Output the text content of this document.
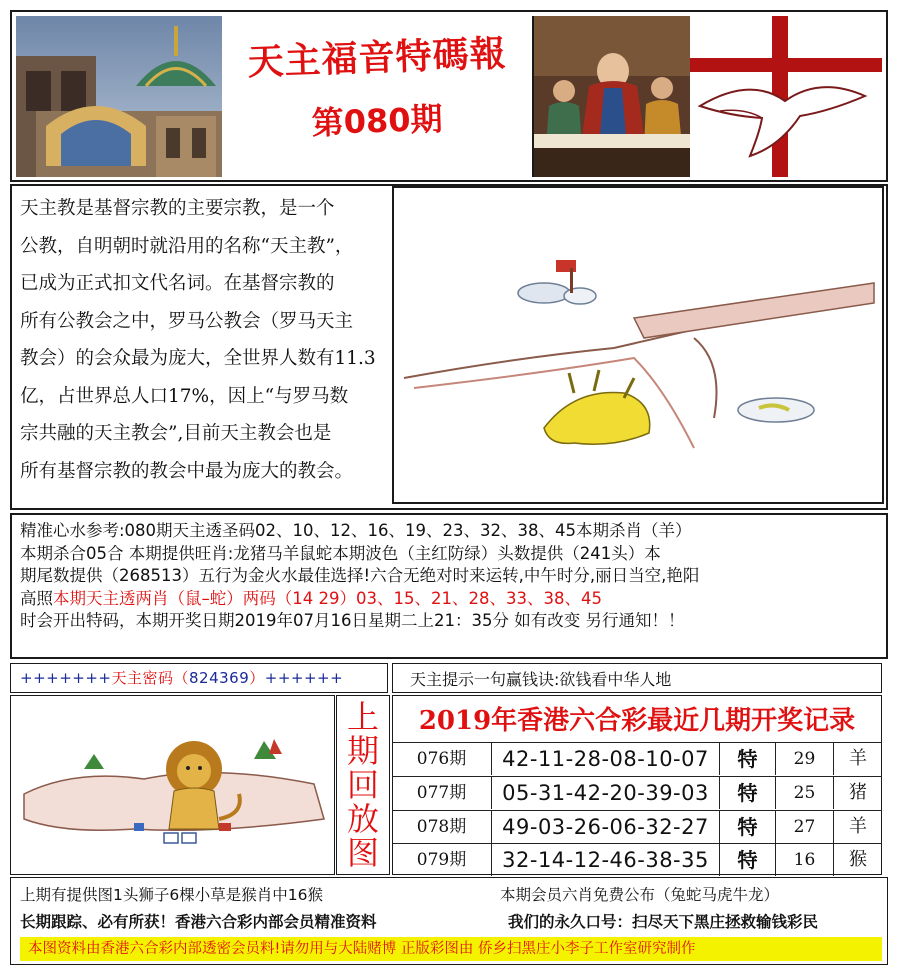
天主福音特碼報
第080期

天主教是基督宗教的主要宗教，是一个

公教，自明朝时就沿用的名称“天主教”，

已成为正式扣文代名词。在基督宗教的

所有公教会之中，罗马公教会（罗马天主

教会）的会众最为庞大，全世界人数有11.3

亿，占世界总人口17%，因上“与罗马数

宗共融的天主教会”,目前天主教会也是

所有基督宗教的教会中最为庞大的教会。

精准心水参考:080期天主透圣码02、10、12、16、19、23、32、38、45本期杀肖（羊）

本期杀合05合 本期提供旺肖:龙猪马羊鼠蛇本期波色（主红防绿）头数提供（241头）本

期尾数提供（268513）五行为金火水最佳选择!六合无绝对时来运转,中午时分,丽日当空,艳阳

高照本期天主透两肖（鼠–蛇）两码（14 29）03、15、21、28、33、38、45

时会开出特码，本期开奖日期2019年07月16日星期二上21：35分 如有改变 另行通知！！

+++++++天主密码（824369）++++++	天主提示一句赢钱诀:欲钱看中华人地
上
期
回
放
图
2019年香港六合彩最近几期开奖记录
076期	42-11-28-08-10-07	特	29	羊
077期	05-31-42-20-39-03	特	25	猪
078期	49-03-26-06-32-27	特	27	羊
079期	32-14-12-46-38-35	特	16	猴

上期有提供图1头狮子6棵小草是猴肖中16猴	本期会员六肖免费公布（兔蛇马虎牛龙）

长期跟踪、必有所获！香港六合彩内部会员精准资料	我们的永久口号：扫尽天下黑庄拯救输钱彩民

本图资料由香港六合彩内部透密会员料!请勿用与大陆赌博 正版彩图由 侨乡扫黑庄小李子工作室研究制作
